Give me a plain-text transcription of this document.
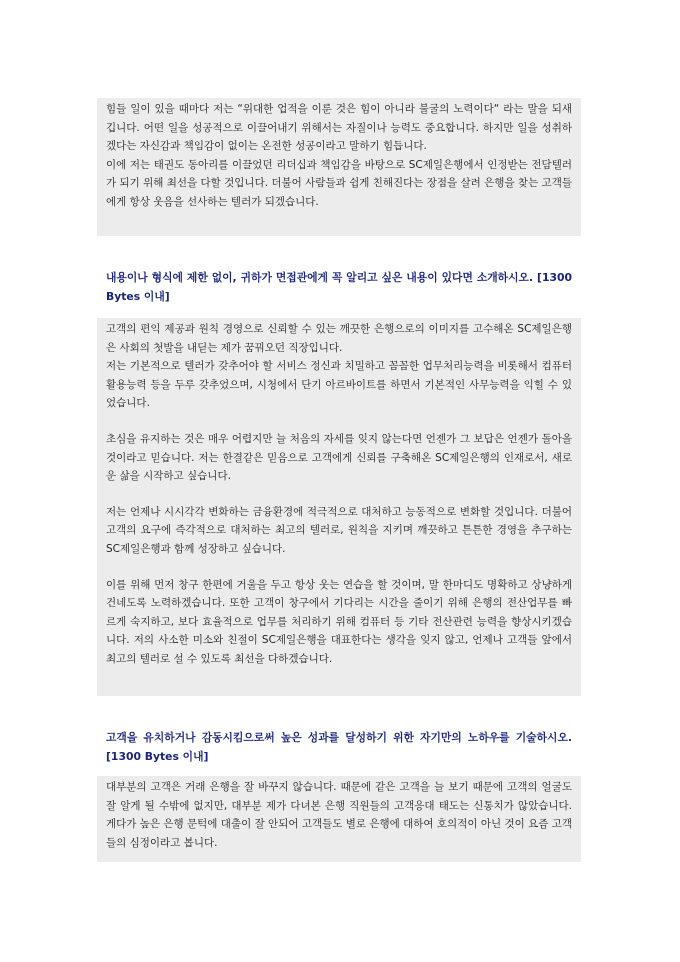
힘들 일이 있을 때마다 저는 “위대한 업적을 이룬 것은 힘이 아니라 불굴의 노력이다“ 라는 말을 되새깁니다. 어떤 일을 성공적으로 이끌어내기 위해서는 자질이나 능력도 중요합니다. 하지만 일을 성취하겠다는 자신감과 책임감이 없이는 온전한 성공이라고 말하기 힘듭니다.

이에 저는 태권도 동아리를 이끌었던 리더십과 책임감을 바탕으로 SC제일은행에서 인정받는 전담텔러가 되기 위해 최선을 다할 것입니다. 더불어 사람들과 쉽게 친해진다는 장점을 살려 은행을 찾는 고객들에게 항상 웃음을 선사하는 텔러가 되겠습니다.

내용이나 형식에 제한 없이, 귀하가 면접관에게 꼭 알리고 싶은 내용이 있다면 소개하시오. [1300 Bytes 이내]

고객의 편익 제공과 원칙 경영으로 신뢰할 수 있는 깨끗한 은행으로의 이미지를 고수해온 SC제일은행은 사회의 첫발을 내딛는 제가 꿈꿔오던 직장입니다.

저는 기본적으로 텔러가 갖추어야 할 서비스 정신과 치밀하고 꼼꼼한 업무처리능력을 비롯해서 컴퓨터활용능력 등을 두루 갖추었으며, 시청에서 단기 아르바이트를 하면서 기본적인 사무능력을 익힐 수 있었습니다.

초심을 유지하는 것은 매우 어렵지만 늘 처음의 자세를 잊지 않는다면 언젠가 그 보답은 언젠가 돌아올 것이라고 믿습니다. 저는 한결같은 믿음으로 고객에게 신뢰를 구축해온 SC제일은행의 인재로서, 새로운 삶을 시작하고 싶습니다.

저는 언제나 시시각각 변화하는 금융환경에 적극적으로 대처하고 능동적으로 변화할 것입니다. 더불어 고객의 요구에 즉각적으로 대처하는 최고의 텔러로, 원칙을 지키며 깨끗하고 튼튼한 경영을 추구하는 SC제일은행과 함께 성장하고 싶습니다.

이를 위해 먼저 창구 한편에 거울을 두고 항상 웃는 연습을 할 것이며, 말 한마디도 명확하고 상냥하게 건네도록 노력하겠습니다. 또한 고객이 창구에서 기다리는 시간을 줄이기 위해 은행의 전산업무를 빠르게 숙지하고, 보다 효율적으로 업무를 처리하기 위해 컴퓨터 등 기타 전산관련 능력을 향상시키겠습니다. 저의 사소한 미소와 친절이 SC제일은행을 대표한다는 생각을 잊지 않고, 언제나 고객들 앞에서 최고의 텔러로 설 수 있도록 최선을 다하겠습니다.

고객을 유치하거나 감동시킴으로써 높은 성과를 달성하기 위한 자기만의 노하우를 기술하시오. [1300 Bytes 이내]

대부분의 고객은 거래 은행을 잘 바꾸지 않습니다. 때문에 같은 고객을 늘 보기 때문에 고객의 얼굴도 잘 알게 될 수밖에 없지만, 대부분 제가 다녀본 은행 직원들의 고객응대 태도는 신통치가 않았습니다. 게다가 높은 은행 문턱에 대출이 잘 안되어 고객들도 별로 은행에 대하여 호의적이 아닌 것이 요즘 고객들의 심정이라고 봅니다.
